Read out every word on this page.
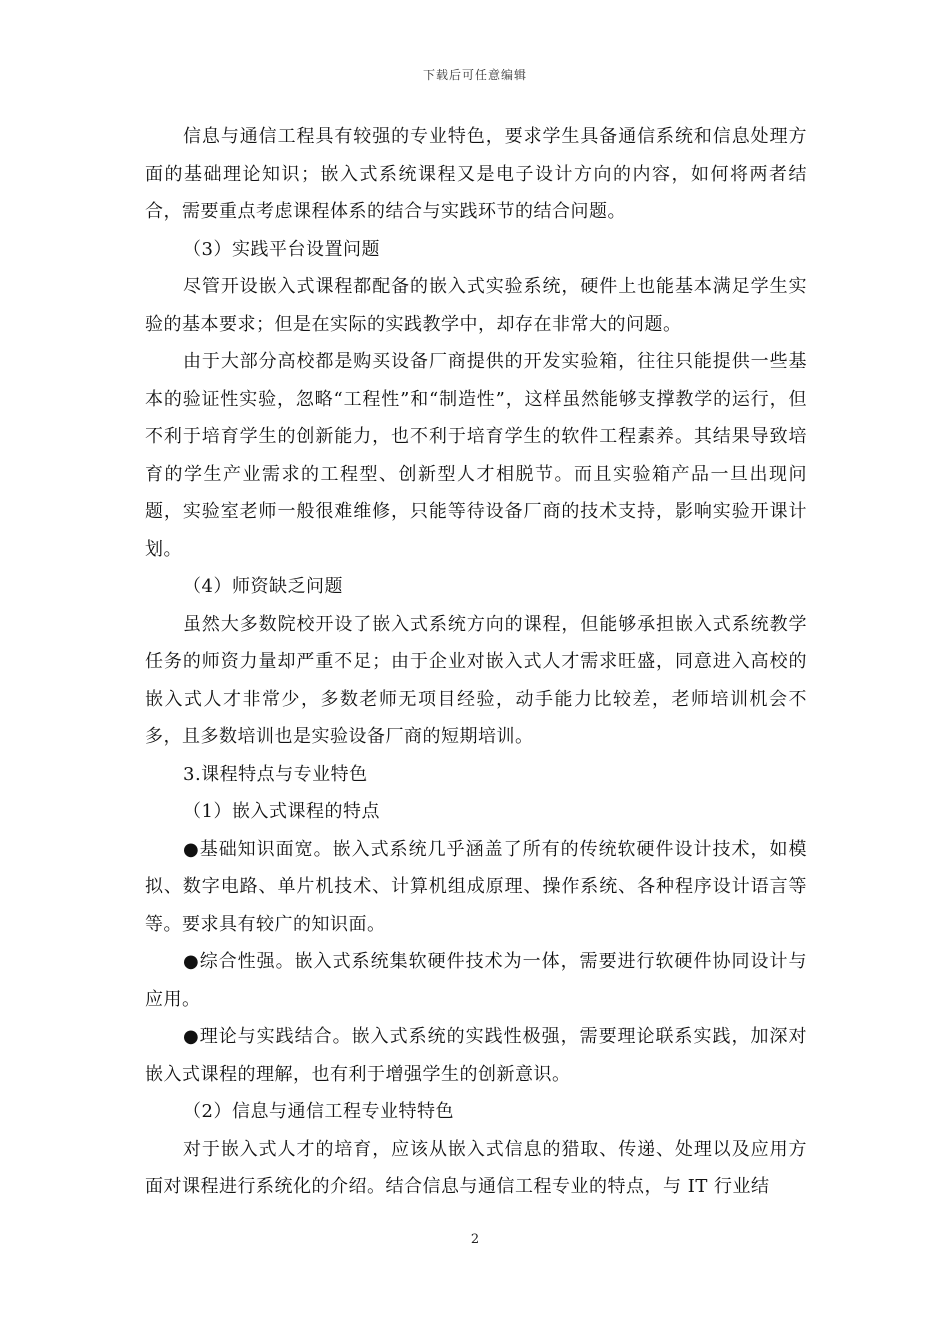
下载后可任意编辑

信息与通信工程具有较强的专业特色，要求学生具备通信系统和信息处理方面的基础理论知识；嵌入式系统课程又是电子设计方向的内容，如何将两者结合，需要重点考虑课程体系的结合与实践环节的结合问题。

（3）实践平台设置问题

尽管开设嵌入式课程都配备的嵌入式实验系统，硬件上也能基本满足学生实验的基本要求；但是在实际的实践教学中，却存在非常大的问题。

由于大部分高校都是购买设备厂商提供的开发实验箱，往往只能提供一些基本的验证性实验，忽略“工程性”和“制造性”，这样虽然能够支撑教学的运行，但不利于培育学生的创新能力，也不利于培育学生的软件工程素养。其结果导致培育的学生产业需求的工程型、创新型人才相脱节。而且实验箱产品一旦出现问题，实验室老师一般很难维修，只能等待设备厂商的技术支持，影响实验开课计划。

（4）师资缺乏问题

虽然大多数院校开设了嵌入式系统方向的课程，但能够承担嵌入式系统教学任务的师资力量却严重不足；由于企业对嵌入式人才需求旺盛，同意进入高校的嵌入式人才非常少，多数老师无项目经验，动手能力比较差，老师培训机会不多，且多数培训也是实验设备厂商的短期培训。

3.课程特点与专业特色

（1）嵌入式课程的特点

●基础知识面宽。嵌入式系统几乎涵盖了所有的传统软硬件设计技术，如模拟、数字电路、单片机技术、计算机组成原理、操作系统、各种程序设计语言等等。要求具有较广的知识面。

●综合性强。嵌入式系统集软硬件技术为一体，需要进行软硬件协同设计与应用。

●理论与实践结合。嵌入式系统的实践性极强，需要理论联系实践，加深对嵌入式课程的理解，也有利于增强学生的创新意识。

（2）信息与通信工程专业特特色

对于嵌入式人才的培育，应该从嵌入式信息的猎取、传递、处理以及应用方面对课程进行系统化的介绍。结合信息与通信工程专业的特点，与 IT 行业结

2
